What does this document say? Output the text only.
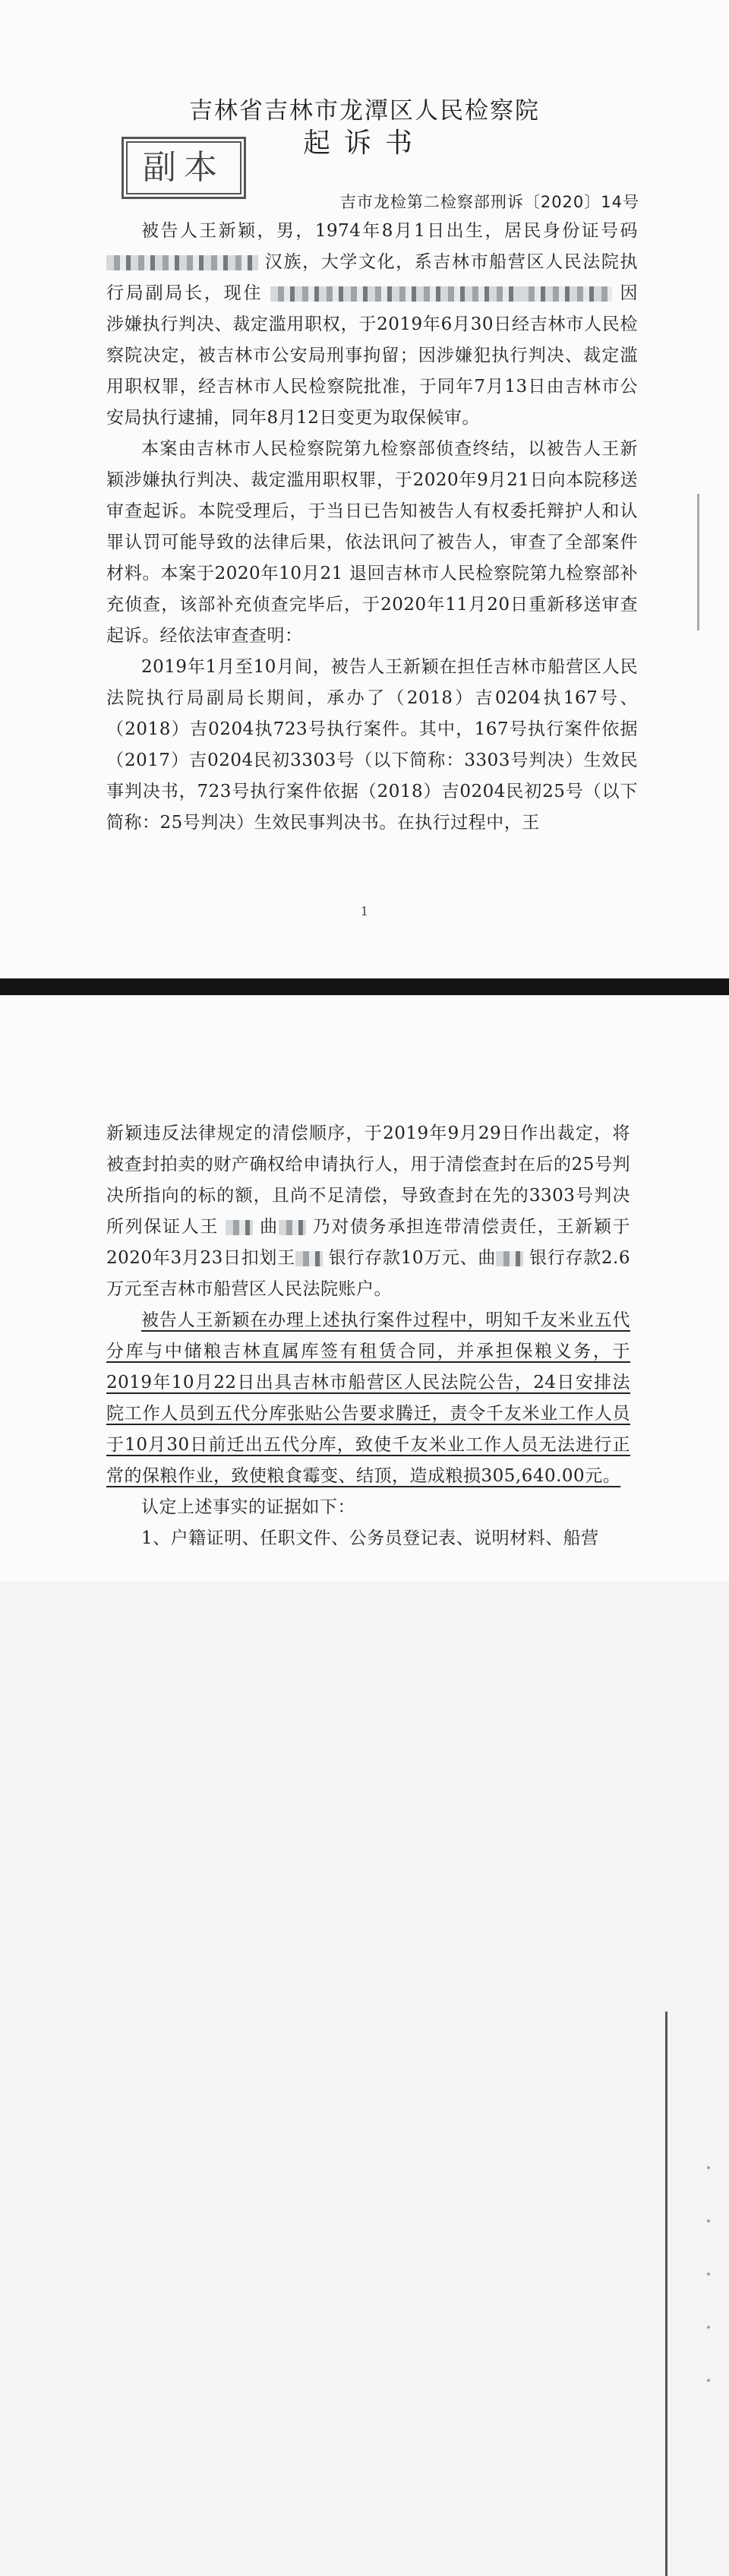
吉林省吉林市龙潭区人民检察院
起诉书
副本
吉市龙检第二检察部刑诉〔2020〕14号

被告人王新颖，男，1974年8月1日出生，居民身份证号码  汉族，大学文化，系吉林市船营区人民法院执行局副局长，现住	因涉嫌执行判决、裁定滥用职权，于2019年6月30日经吉林市人民检察院决定，被吉林市公安局刑事拘留；因涉嫌犯执行判决、裁定滥用职权罪，经吉林市人民检察院批准，于同年7月13日由吉林市公安局执行逮捕，同年8月12日变更为取保候审。

本案由吉林市人民检察院第九检察部侦查终结，以被告人王新颖涉嫌执行判决、裁定滥用职权罪，于2020年9月21日向本院移送审查起诉。本院受理后，于当日已告知被告人有权委托辩护人和认罪认罚可能导致的法律后果，依法讯问了被告人，审查了全部案件材料。本案于2020年10月21 退回吉林市人民检察院第九检察部补充侦查，该部补充侦查完毕后，于2020年11月20日重新移送审查起诉。经依法审查查明：

2019年1月至10月间，被告人王新颖在担任吉林市船营区人民法院执行局副局长期间，承办了（2018）吉0204执167号、（2018）吉0204执723号执行案件。其中，167号执行案件依据（2017）吉0204民初3303号（以下简称：3303号判决）生效民事判决书，723号执行案件依据（2018）吉0204民初25号（以下简称：25号判决）生效民事判决书。在执行过程中，王

1
·
·
·
·
·

新颖违反法律规定的清偿顺序，于2019年9月29日作出裁定，将被查封拍卖的财产确权给申请执行人，用于清偿查封在后的25号判决所指向的标的额，且尚不足清偿，导致查封在先的3303号判决所列保证人王 曲 乃对债务承担连带清偿责任，王新颖于2020年3月23日扣划王 银行存款10万元、曲 银行存款2.6万元至吉林市船营区人民法院账户。

被告人王新颖在办理上述执行案件过程中，明知千友米业五代分库与中储粮吉林直属库签有租赁合同，并承担保粮义务，于2019年10月22日出具吉林市船营区人民法院公告，24日安排法院工作人员到五代分库张贴公告要求腾迁，责令千友米业工作人员于10月30日前迁出五代分库，致使千友米业工作人员无法进行正常的保粮作业，致使粮食霉变、结顶，造成粮损305,640.00元。

认定上述事实的证据如下：

1、户籍证明、任职文件、公务员登记表、说明材料、船营
